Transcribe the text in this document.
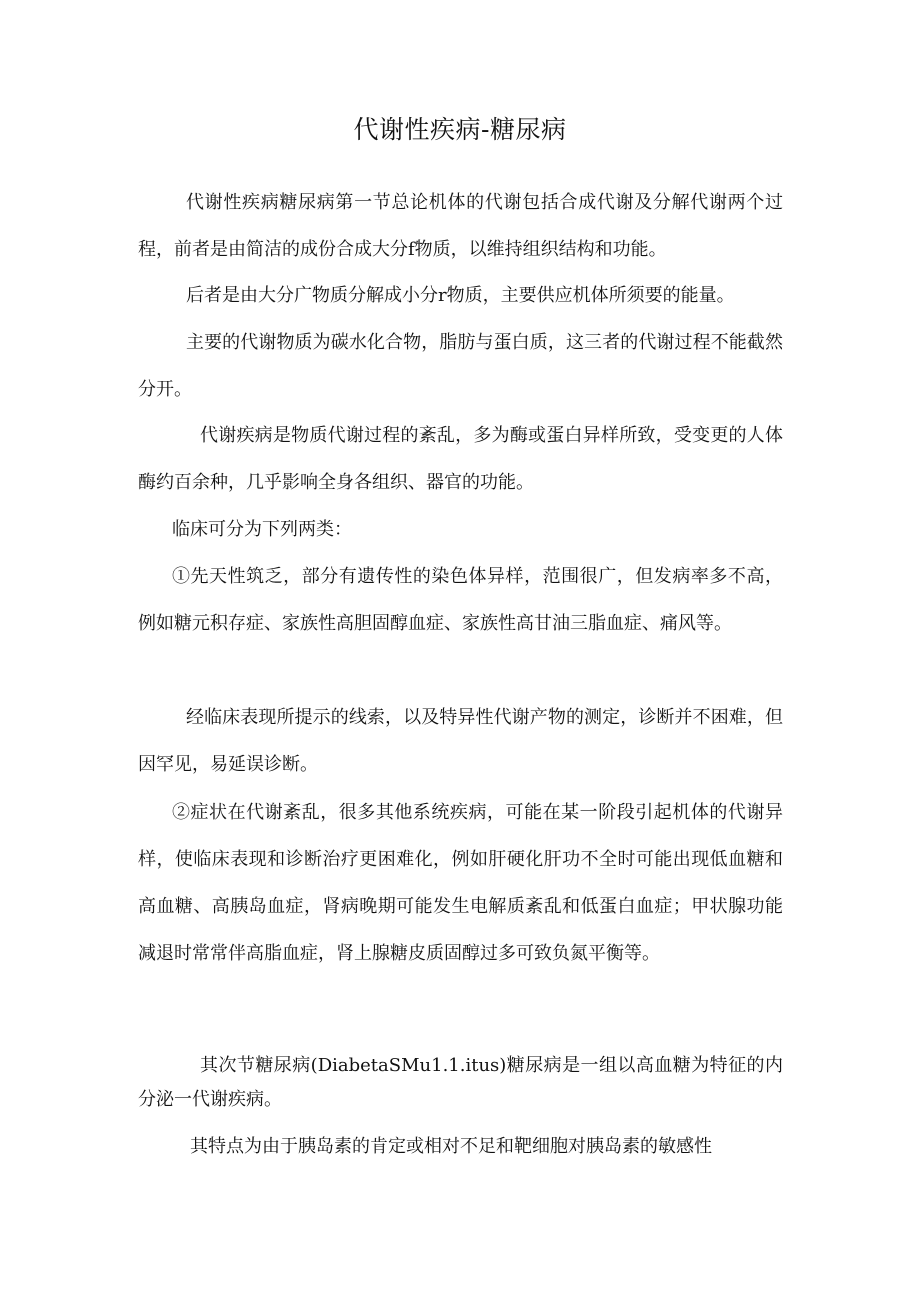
代谢性疾病-糖尿病

代谢性疾病糖尿病第一节总论机体的代谢包括合成代谢及分解代谢两个过程，前者是由简洁的成份合成大分f物质，以维持组织结构和功能。

后者是由大分广物质分解成小分r物质，主要供应机体所须要的能量。

主要的代谢物质为碳水化合物，脂肪与蛋白质，这三者的代谢过程不能截然分开。

代谢疾病是物质代谢过程的紊乱，多为酶或蛋白异样所致，受变更的人体酶约百余种，几乎影响全身各组织、器官的功能。

临床可分为下列两类：

①先天性筑乏，部分有遗传性的染色体异样，范围很广，但发病率多不高，例如糖元积存症、家族性高胆固醇血症、家族性高甘油三脂血症、痛风等。

经临床表现所提示的线索，以及特异性代谢产物的测定，诊断并不困难，但因罕见，易延误诊断。

②症状在代谢紊乱，很多其他系统疾病，可能在某一阶段引起机体的代谢异样，使临床表现和诊断治疗更困难化，例如肝硬化肝功不全时可能出现低血糖和高血糖、高胰岛血症，肾病晚期可能发生电解质紊乱和低蛋白血症；甲状腺功能减退时常常伴高脂血症，肾上腺糖皮质固醇过多可致负氮平衡等。

其次节糖尿病(DiabetaSMu1.1.itus)糖尿病是一组以高血糖为特征的内分泌一代谢疾病。

其特点为由于胰岛素的肯定或相对不足和靶细胞对胰岛素的敏感性
